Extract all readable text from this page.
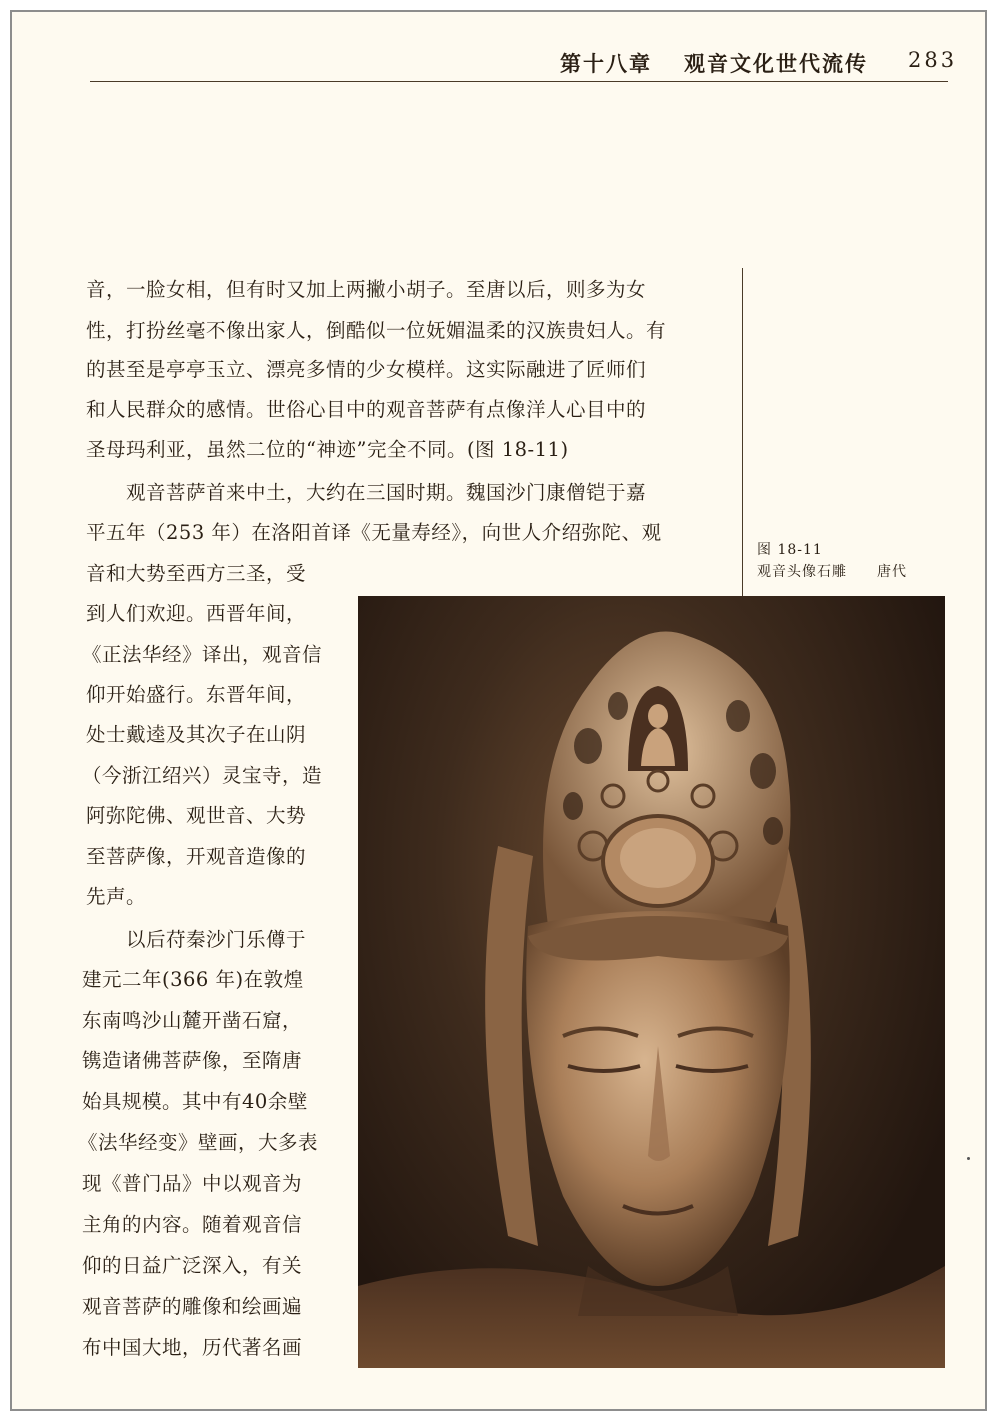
第十八章 观音文化世代流传 283
音，一脸女相，但有时又加上两撇小胡子。至唐以后，则多为女
性，打扮丝毫不像出家人，倒酷似一位妩媚温柔的汉族贵妇人。有
的甚至是亭亭玉立、漂亮多情的少女模样。这实际融进了匠师们
和人民群众的感情。世俗心目中的观音菩萨有点像洋人心目中的
圣母玛利亚，虽然二位的“神迹”完全不同。(图 18-11)
观音菩萨首来中土，大约在三国时期。魏国沙门康僧铠于嘉
平五年（253 年）在洛阳首译《无量寿经》，向世人介绍弥陀、观
音和大势至西方三圣，受
到人们欢迎。西晋年间，
《正法华经》译出，观音信
仰开始盛行。东晋年间，
处士戴逵及其次子在山阴
（今浙江绍兴）灵宝寺，造
阿弥陀佛、观世音、大势
至菩萨像，开观音造像的
先声。
以后苻秦沙门乐僔于
建元二年(366 年)在敦煌
东南鸣沙山麓开凿石窟，
镌造诸佛菩萨像，至隋唐
始具规模。其中有40余壁
《法华经变》壁画，大多表
现《普门品》中以观音为
主角的内容。随着观音信
仰的日益广泛深入，有关
观音菩萨的雕像和绘画遍
布中国大地，历代著名画
图 18-11
观音头像石雕　　唐代
